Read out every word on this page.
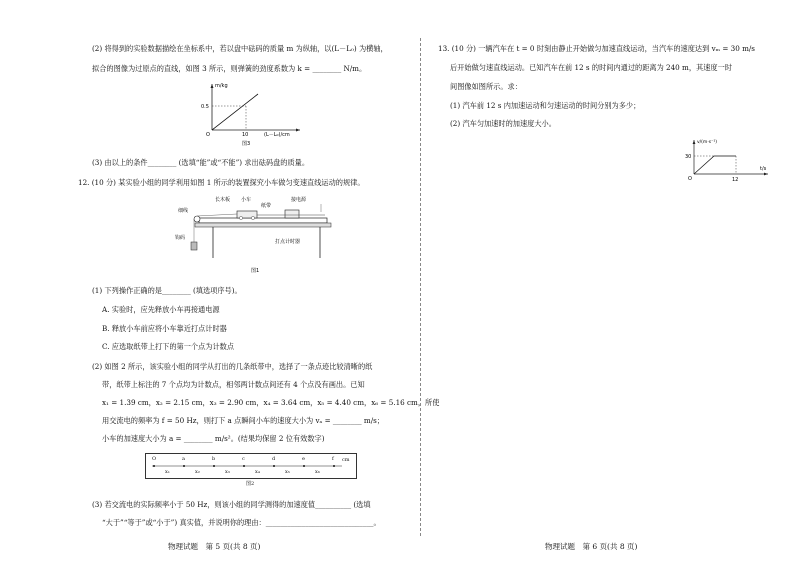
(2) 将得到的实验数据描绘在坐标系中，若以盘中砝码的质量 m 为纵轴，以(L－L₀) 为横轴，
拟合的图像为过原点的直线，如图 3 所示，则弹簧的劲度系数为 k = ________ N/m。
m/kg
0.5
O	10	(L－L₀)/cm
图3
(3) 由以上的条件________ (选填“能”或“不能”) 求出砝码盘的质量。
12. (10 分) 某实验小组的同学利用如图 1 所示的装置探究小车做匀变速直线运动的规律。
长木板 小车
纸带
接电源
细线
钩码
打点计时器
图1
(1) 下列操作正确的是________ (填选项序号)。
A. 实验时，应先释放小车再接通电源
B. 释放小车前应将小车靠近打点计时器
C. 应选取纸带上打下的第一个点为计数点
(2) 如图 2 所示，该实验小组的同学从打出的几条纸带中，选择了一条点迹比较清晰的纸
带，纸带上标注的 7 个点均为计数点，相邻两计数点间还有 4 个点没有画出。已知
x₁ = 1.39 cm，x₂ = 2.15 cm，x₃ = 2.90 cm，x₄ = 3.64 cm，x₅ = 4.40 cm，x₆ = 5.16 cm，所使
用交流电的频率为 f = 50 Hz，则打下 a 点瞬间小车的速度大小为 vₐ = ________ m/s；
小车的加速度大小为 a = ________ m/s²。(结果均保留 2 位有效数字)
O	a	b	c	d	e	f
x₁	x₂	x₃	x₄	x₅	x₆
cm
图2
(3) 若交流电的实际频率小于 50 Hz，则该小组的同学测得的加速度值__________ (选填
“大于”“等于”或“小于”) 真实值，并说明你的理由：______________________________。
13. (10 分) 一辆汽车在 t = 0 时刻由静止开始做匀加速直线运动，当汽车的速度达到 vₘ = 30 m/s
后开始做匀速直线运动。已知汽车在前 12 s 的时间内通过的距离为 240 m，其速度一时
间图像如图所示。求：
(1) 汽车前 12 s 内加速运动和匀速运动的时间分别为多少；
(2) 汽车匀加速时的加速度大小。
v/(m·s⁻¹)
30
O	12
t/s
物理试题　第 5 页(共 8 页)	物理试题　第 6 页(共 8 页)
